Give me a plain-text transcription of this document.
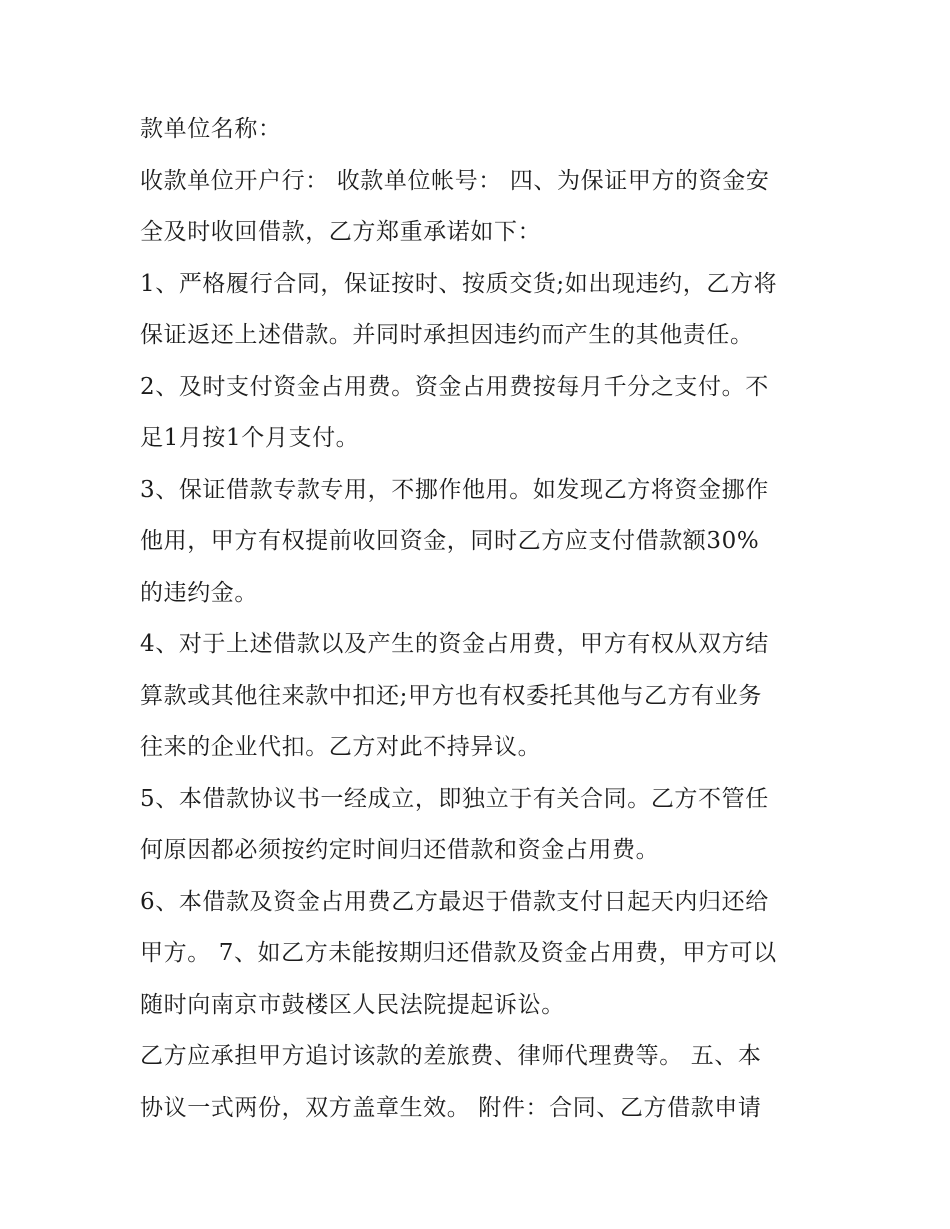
款单位名称：
收款单位开户行： 收款单位帐号： 四、为保证甲方的资金安
全及时收回借款，乙方郑重承诺如下：
1、严格履行合同，保证按时、按质交货;如出现违约，乙方将
保证返还上述借款。并同时承担因违约而产生的其他责任。
2、及时支付资金占用费。资金占用费按每月千分之支付。不
足1月按1个月支付。
3、保证借款专款专用，不挪作他用。如发现乙方将资金挪作
他用，甲方有权提前收回资金，同时乙方应支付借款额30%
的违约金。
4、对于上述借款以及产生的资金占用费，甲方有权从双方结
算款或其他往来款中扣还;甲方也有权委托其他与乙方有业务
往来的企业代扣。乙方对此不持异议。
5、本借款协议书一经成立，即独立于有关合同。乙方不管任
何原因都必须按约定时间归还借款和资金占用费。
6、本借款及资金占用费乙方最迟于借款支付日起天内归还给
甲方。 7、如乙方未能按期归还借款及资金占用费，甲方可以
随时向南京市鼓楼区人民法院提起诉讼。
乙方应承担甲方追讨该款的差旅费、律师代理费等。 五、本
协议一式两份，双方盖章生效。 附件：合同、乙方借款申请
